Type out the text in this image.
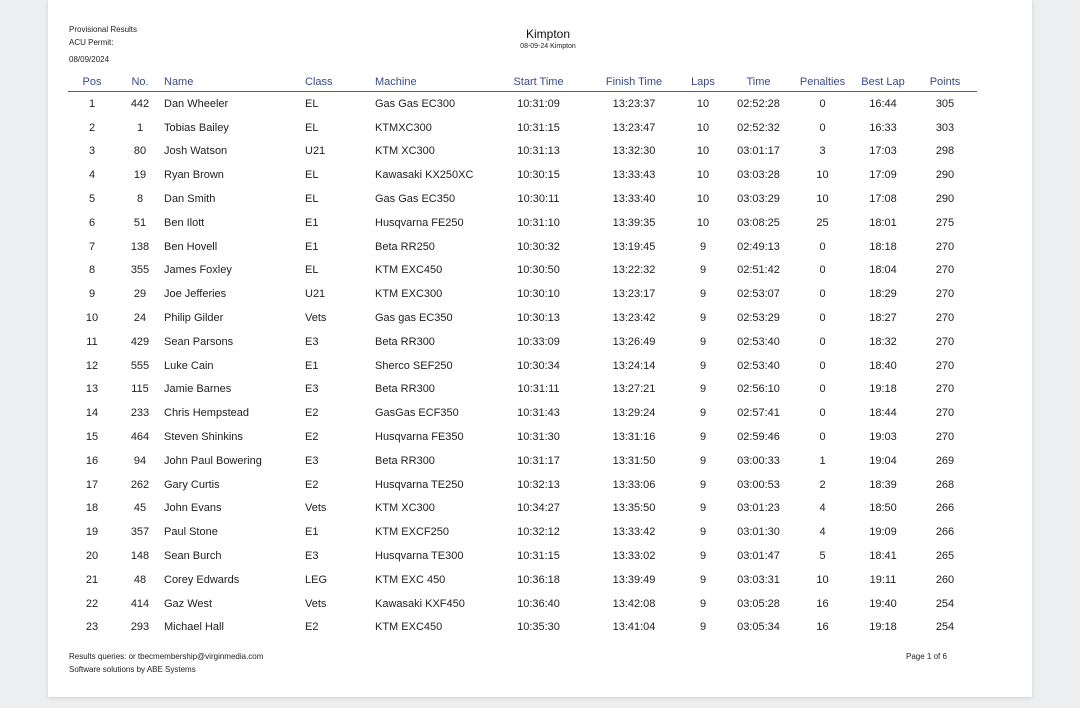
Provisional Results
ACU Permit:
08/09/2024
Kimpton
08-09-24 Kimpton
Pos	No.	Name	Class	Machine	Start Time	Finish Time	Laps	Time	Penalties	Best Lap	Points
1	442	Dan Wheeler	EL	Gas Gas EC300	10:31:09	13:23:37	10	02:52:28	0	16:44	305
2	1	Tobias Bailey	EL	KTMXC300	10:31:15	13:23:47	10	02:52:32	0	16:33	303
3	80	Josh Watson	U21	KTM XC300	10:31:13	13:32:30	10	03:01:17	3	17:03	298
4	19	Ryan Brown	EL	Kawasaki KX250XC	10:30:15	13:33:43	10	03:03:28	10	17:09	290
5	8	Dan Smith	EL	Gas Gas EC350	10:30:11	13:33:40	10	03:03:29	10	17:08	290
6	51	Ben Ilott	E1	Husqvarna FE250	10:31:10	13:39:35	10	03:08:25	25	18:01	275
7	138	Ben Hovell	E1	Beta RR250	10:30:32	13:19:45	9	02:49:13	0	18:18	270
8	355	James Foxley	EL	KTM EXC450	10:30:50	13:22:32	9	02:51:42	0	18:04	270
9	29	Joe Jefferies	U21	KTM EXC300	10:30:10	13:23:17	9	02:53:07	0	18:29	270
10	24	Philip Gilder	Vets	Gas gas EC350	10:30:13	13:23:42	9	02:53:29	0	18:27	270
11	429	Sean Parsons	E3	Beta RR300	10:33:09	13:26:49	9	02:53:40	0	18:32	270
12	555	Luke Cain	E1	Sherco SEF250	10:30:34	13:24:14	9	02:53:40	0	18:40	270
13	115	Jamie Barnes	E3	Beta RR300	10:31:11	13:27:21	9	02:56:10	0	19:18	270
14	233	Chris Hempstead	E2	GasGas ECF350	10:31:43	13:29:24	9	02:57:41	0	18:44	270
15	464	Steven Shinkins	E2	Husqvarna FE350	10:31:30	13:31:16	9	02:59:46	0	19:03	270
16	94	John Paul Bowering	E3	Beta RR300	10:31:17	13:31:50	9	03:00:33	1	19:04	269
17	262	Gary Curtis	E2	Husqvarna TE250	10:32:13	13:33:06	9	03:00:53	2	18:39	268
18	45	John Evans	Vets	KTM XC300	10:34:27	13:35:50	9	03:01:23	4	18:50	266
19	357	Paul Stone	E1	KTM EXCF250	10:32:12	13:33:42	9	03:01:30	4	19:09	266
20	148	Sean Burch	E3	Husqvarna TE300	10:31:15	13:33:02	9	03:01:47	5	18:41	265
21	48	Corey Edwards	LEG	KTM EXC 450	10:36:18	13:39:49	9	03:03:31	10	19:11	260
22	414	Gaz West	Vets	Kawasaki KXF450	10:36:40	13:42:08	9	03:05:28	16	19:40	254
23	293	Michael Hall	E2	KTM EXC450	10:35:30	13:41:04	9	03:05:34	16	19:18	254
Results queries: or tbecmembership@virginmedia.com
Software solutions by ABE Systems
Page 1 of 6
